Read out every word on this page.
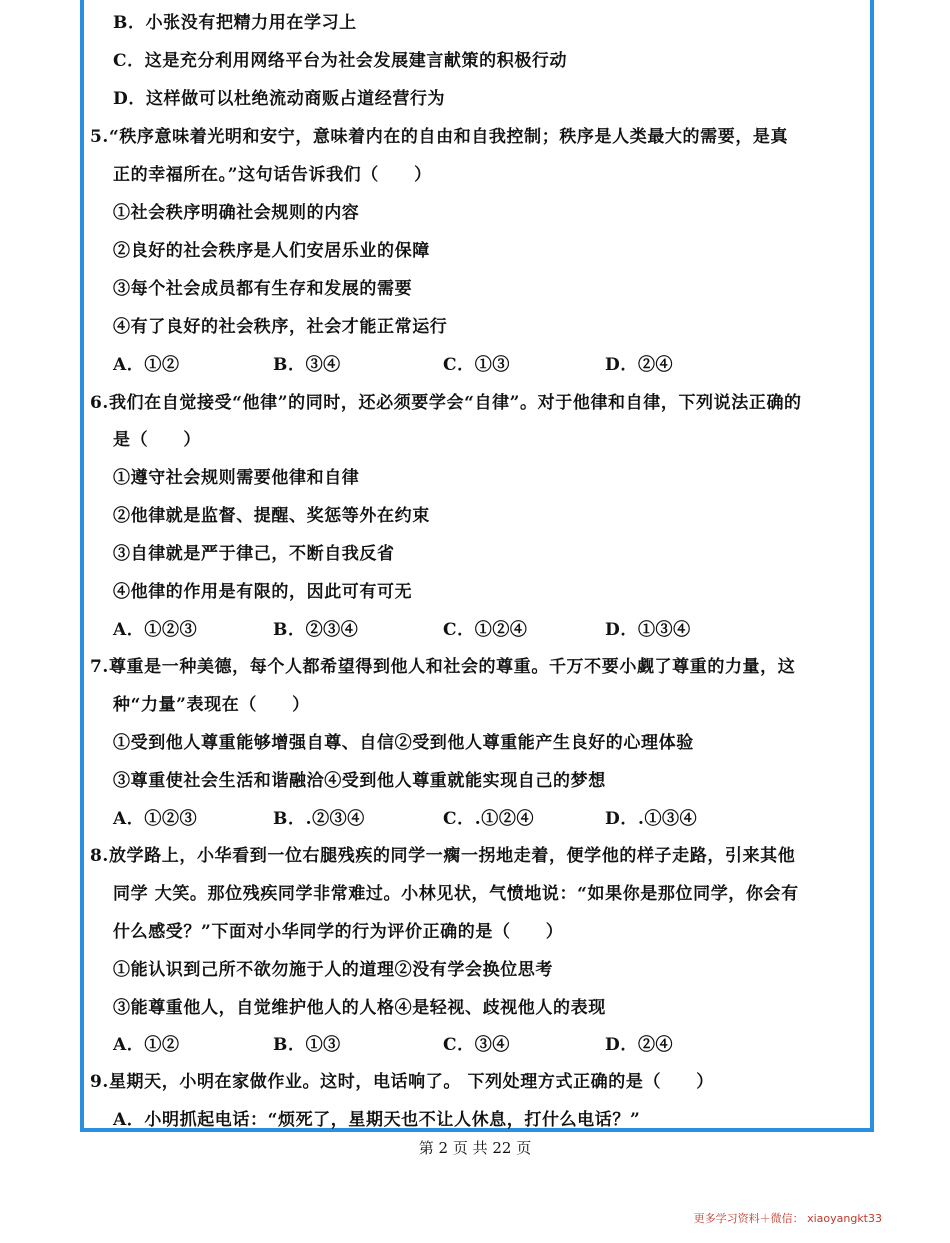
B．小张没有把精力用在学习上
C．这是充分利用网络平台为社会发展建言献策的积极行动
D．这样做可以杜绝流动商贩占道经营行为
5.“秩序意味着光明和安宁，意味着内在的自由和自我控制；秩序是人类最大的需要，是真
正的幸福所在。”这句话告诉我们（　　）
①社会秩序明确社会规则的内容
②良好的社会秩序是人们安居乐业的保障
③每个社会成员都有生存和发展的需要
④有了良好的社会秩序，社会才能正常运行
A．①②	B．③④	C．①③	D．②④
6.我们在自觉接受“他律”的同时，还必须要学会“自律”。对于他律和自律，下列说法正确的
是（　　）
①遵守社会规则需要他律和自律
②他律就是监督、提醒、奖惩等外在约束
③自律就是严于律己，不断自我反省
④他律的作用是有限的，因此可有可无
A．①②③	B．②③④	C．①②④	D．①③④
7.尊重是一种美德，每个人都希望得到他人和社会的尊重。千万不要小觑了尊重的力量，这
种“力量”表现在（　　）
①受到他人尊重能够增强自尊、自信②受到他人尊重能产生良好的心理体验
③尊重使社会生活和谐融洽④受到他人尊重就能实现自己的梦想
A．①②③	B．.②③④	C．.①②④	D．.①③④
8.放学路上，小华看到一位右腿残疾的同学一瘸一拐地走着，便学他的样子走路，引来其他
同学 大笑。那位残疾同学非常难过。小林见状，气愤地说：“如果你是那位同学，你会有
什么感受？”下面对小华同学的行为评价正确的是（　　）
①能认识到己所不欲勿施于人的道理②没有学会换位思考
③能尊重他人，自觉维护他人的人格④是轻视、歧视他人的表现
A．①②	B．①③	C．③④	D．②④
9.星期天，小明在家做作业。这时，电话响了。 下列处理方式正确的是（　　）
A．小明抓起电话：“烦死了，星期天也不让人休息，打什么电话？”
第 2 页 共 22 页
更多学习资料＋微信： xiaoyangkt33
